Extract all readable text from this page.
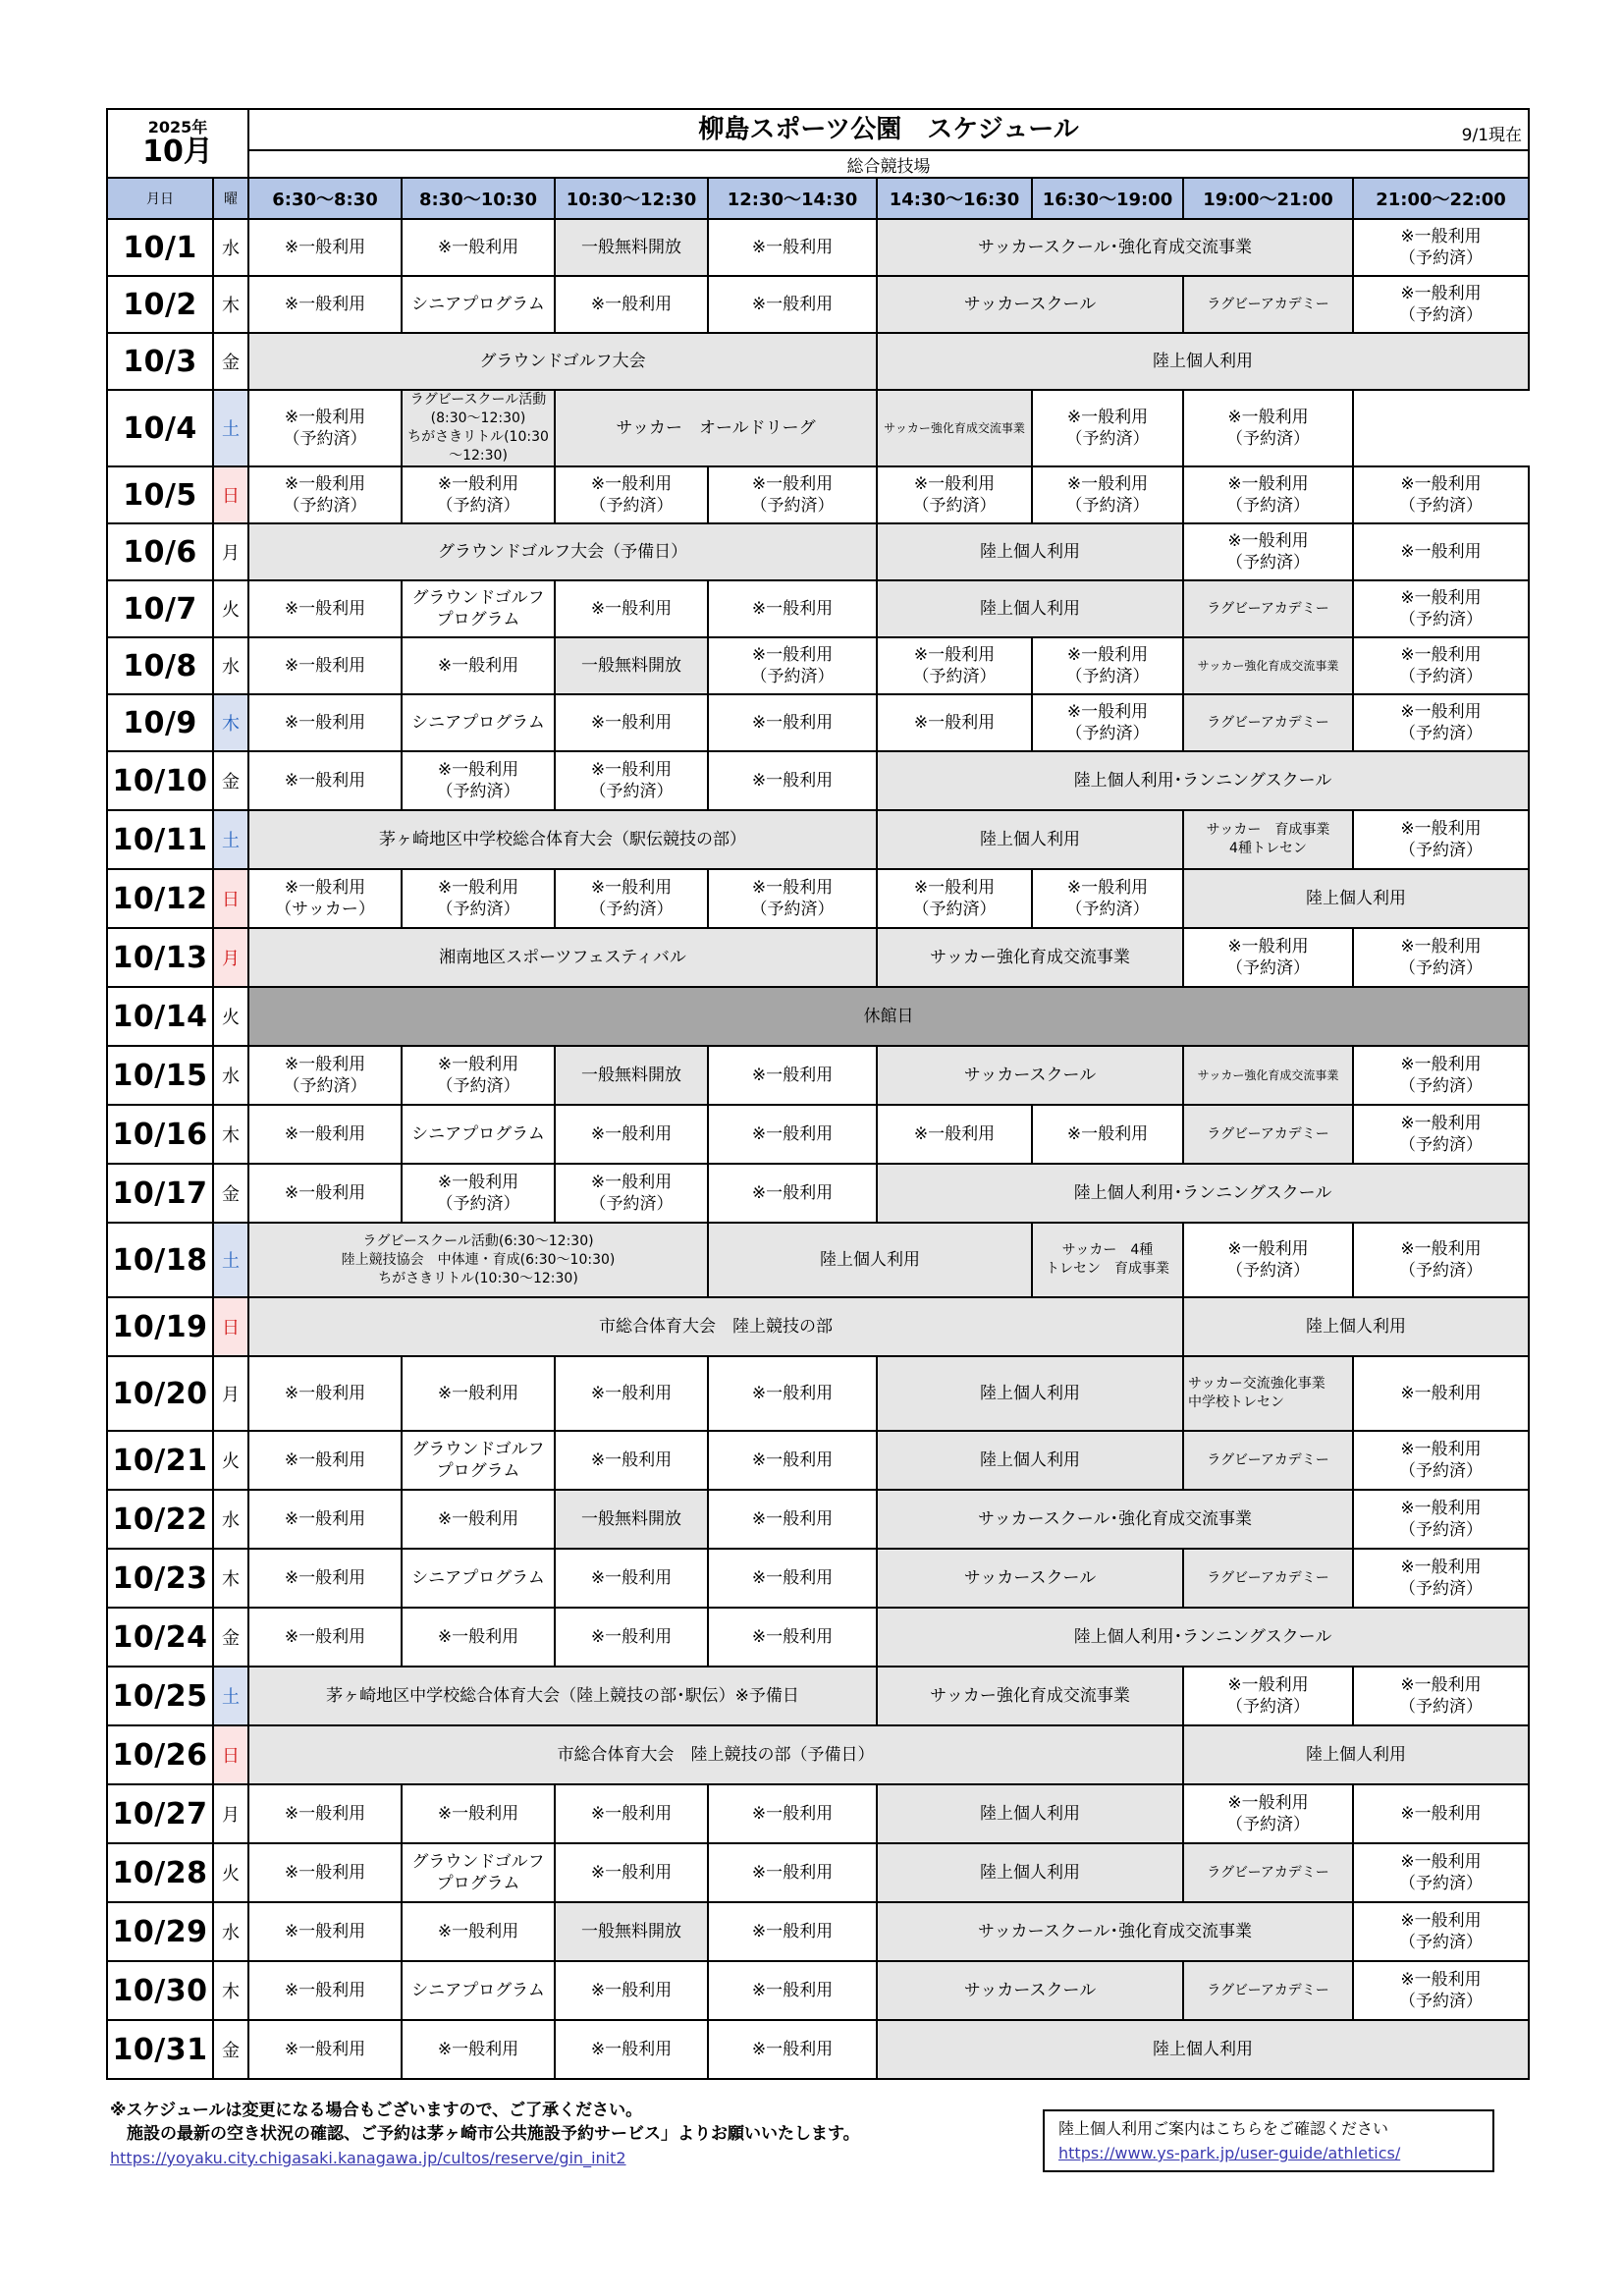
2025年
10月		柳島スポーツ公園　スケジュール 9/1現在							

		総合競技場							
月日	曜	6:30～8:30	8:30～10:30	10:30～12:30	12:30～14:30	14:30～16:30	16:30～19:00	19:00～21:00	21:00～22:00
10/1	水	※一般利用	※一般利用	一般無料開放	※一般利用	サッカースクール･強化育成交流事業			※一般利用
（予約済）
10/2	木	※一般利用	シニアプログラム	※一般利用	※一般利用	サッカースクール		ラグビーアカデミー	※一般利用
（予約済）
10/3	金	グラウンドゴルフ大会				陸上個人利用			
10/4	土	※一般利用
（予約済）	ラグビースクール活動(8:30～12:30)
ちがさきリトル(10:30～12:30)	サッカー　オールドリーグ		サッカー強化育成交流事業	※一般利用
（予約済）	※一般利用
（予約済）	
10/5	日	※一般利用
（予約済）	※一般利用
（予約済）	※一般利用
（予約済）	※一般利用
（予約済）	※一般利用
（予約済）	※一般利用
（予約済）	※一般利用
（予約済）	※一般利用
（予約済）
10/6	月	グラウンドゴルフ大会（予備日）				陸上個人利用		※一般利用
（予約済）	※一般利用
10/7	火	※一般利用	グラウンドゴルフ
プログラム	※一般利用	※一般利用	陸上個人利用		ラグビーアカデミー	※一般利用
（予約済）
10/8	水	※一般利用	※一般利用	一般無料開放	※一般利用
（予約済）	※一般利用
（予約済）	※一般利用
（予約済）	サッカー強化育成交流事業	※一般利用
（予約済）
10/9	木	※一般利用	シニアプログラム	※一般利用	※一般利用	※一般利用	※一般利用
（予約済）	ラグビーアカデミー	※一般利用
（予約済）
10/10	金	※一般利用	※一般利用
（予約済）	※一般利用
（予約済）	※一般利用	陸上個人利用･ランニングスクール			
10/11	土	茅ヶ崎地区中学校総合体育大会（駅伝競技の部）				陸上個人利用		サッカー　育成事業
4種トレセン	※一般利用
（予約済）
10/12	日	※一般利用
（サッカー）	※一般利用
（予約済）	※一般利用
（予約済）	※一般利用
（予約済）	※一般利用
（予約済）	※一般利用
（予約済）	陸上個人利用	
10/13	月	湘南地区スポーツフェスティバル				サッカー強化育成交流事業		※一般利用
（予約済）	※一般利用
（予約済）
10/14	火	休館日							
10/15	水	※一般利用
（予約済）	※一般利用
（予約済）	一般無料開放	※一般利用	サッカースクール		サッカー強化育成交流事業	※一般利用
（予約済）
10/16	木	※一般利用	シニアプログラム	※一般利用	※一般利用	※一般利用	※一般利用	ラグビーアカデミー	※一般利用
（予約済）
10/17	金	※一般利用	※一般利用
（予約済）	※一般利用
（予約済）	※一般利用	陸上個人利用･ランニングスクール			
10/18	土	ラグビースクール活動(6:30～12:30)
陸上競技協会　中体連・育成(6:30～10:30)
ちがさきリトル(10:30～12:30)			陸上個人利用		サッカー　4種
トレセン　育成事業	※一般利用
（予約済）	※一般利用
（予約済）
10/19	日	市総合体育大会　陸上競技の部						陸上個人利用	
10/20	月	※一般利用	※一般利用	※一般利用	※一般利用	陸上個人利用		サッカー交流強化事業
中学校トレセン	※一般利用
10/21	火	※一般利用	グラウンドゴルフ
プログラム	※一般利用	※一般利用	陸上個人利用		ラグビーアカデミー	※一般利用
（予約済）
10/22	水	※一般利用	※一般利用	一般無料開放	※一般利用	サッカースクール･強化育成交流事業			※一般利用
（予約済）
10/23	木	※一般利用	シニアプログラム	※一般利用	※一般利用	サッカースクール		ラグビーアカデミー	※一般利用
（予約済）
10/24	金	※一般利用	※一般利用	※一般利用	※一般利用	陸上個人利用･ランニングスクール			
10/25	土	茅ヶ崎地区中学校総合体育大会（陸上競技の部･駅伝）※予備日				サッカー強化育成交流事業		※一般利用
（予約済）	※一般利用
（予約済）
10/26	日	市総合体育大会　陸上競技の部（予備日）						陸上個人利用	
10/27	月	※一般利用	※一般利用	※一般利用	※一般利用	陸上個人利用		※一般利用
（予約済）	※一般利用
10/28	火	※一般利用	グラウンドゴルフ
プログラム	※一般利用	※一般利用	陸上個人利用		ラグビーアカデミー	※一般利用
（予約済）
10/29	水	※一般利用	※一般利用	一般無料開放	※一般利用	サッカースクール･強化育成交流事業			※一般利用
（予約済）
10/30	木	※一般利用	シニアプログラム	※一般利用	※一般利用	サッカースクール		ラグビーアカデミー	※一般利用
（予約済）
10/31	金	※一般利用	※一般利用	※一般利用	※一般利用	陸上個人利用			

※スケジュールは変更になる場合もございますので、ご了承ください。

　施設の最新の空き状況の確認、ご予約は茅ヶ崎市公共施設予約サービス」よりお願いいたします。

https://yoyaku.city.chigasaki.kanagawa.jp/cultos/reserve/gin_init2
陸上個人利用ご案内はこちらをご確認ください
https://www.ys-park.jp/user-guide/athletics/
